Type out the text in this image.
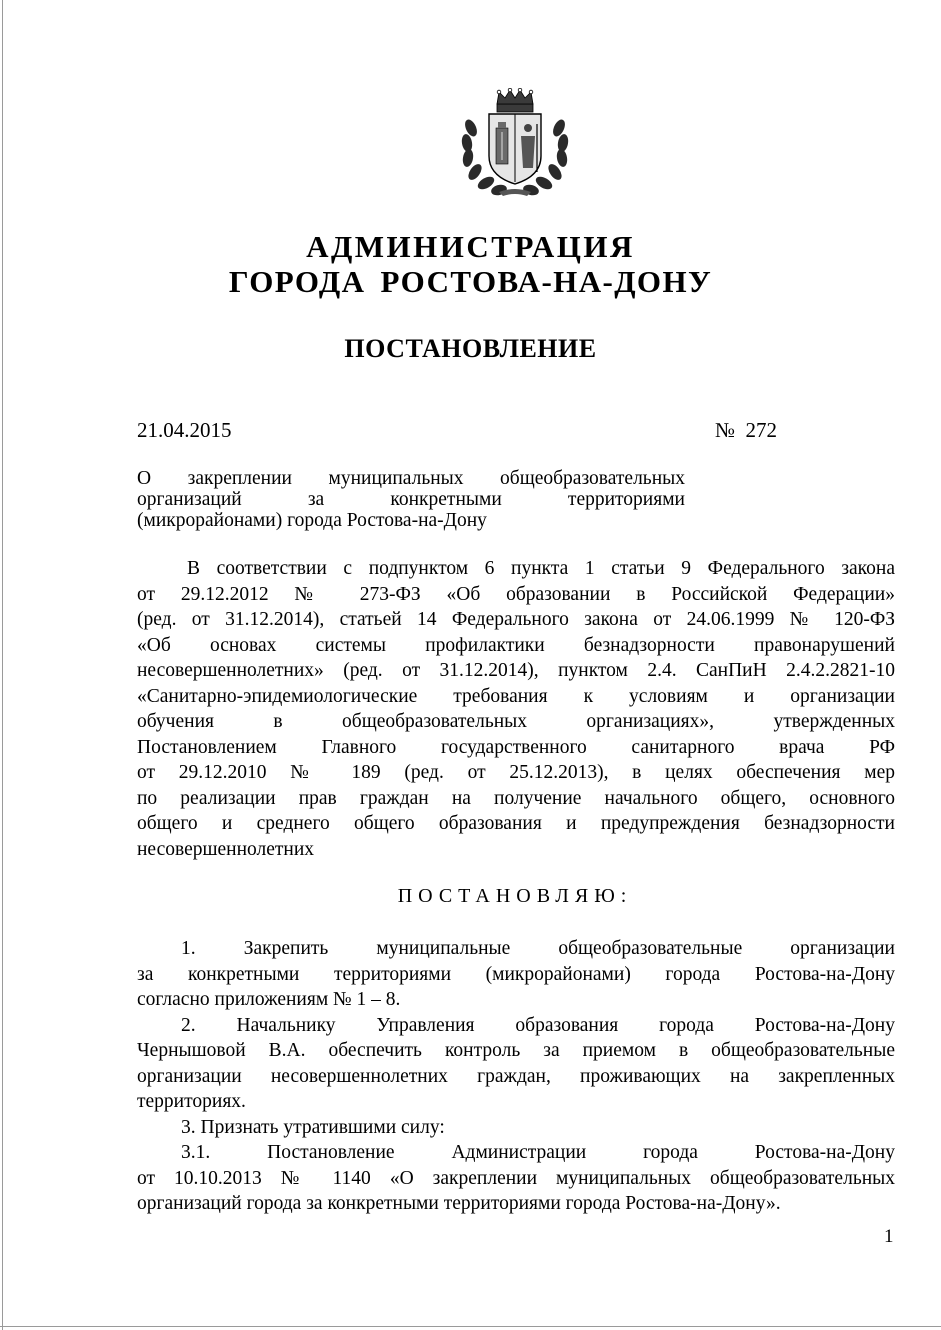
АДМИНИСТРАЦИЯ
ГОРОДА РОСТОВА-НА-ДОНУ
ПОСТАНОВЛЕНИЕ
21.04.2015	№  272
О закреплении муниципальных общеобразовательных
организаций за конкретными территориями
(микрорайонами) города Ростова-на-Дону
В соответствии с подпунктом 6 пункта 1 статьи 9 Федерального закона
от 29.12.2012 № 273-ФЗ «Об образовании в Российской Федерации»
(ред. от 31.12.2014), статьей 14 Федерального закона от 24.06.1999 № 120-ФЗ
«Об основах системы профилактики безнадзорности правонарушений
несовершеннолетних» (ред. от 31.12.2014), пунктом 2.4. СанПиН 2.4.2.2821-10
«Санитарно-эпидемиологические требования к условиям и организации
обучения в общеобразовательных организациях», утвержденных
Постановлением Главного государственного санитарного врача РФ
от 29.12.2010 № 189 (ред. от 25.12.2013), в целях обеспечения мер
по реализации прав граждан на получение начального общего, основного
общего и среднего общего образования и предупреждения безнадзорности
несовершеннолетних
ПОСТАНОВЛЯЮ:
1. Закрепить муниципальные общеобразовательные организации
за конкретными территориями (микрорайонами) города Ростова-на-Дону
согласно приложениям № 1 – 8.
2. Начальнику Управления образования города Ростова-на-Дону
Чернышовой В.А. обеспечить контроль за приемом в общеобразовательные
организации несовершеннолетних граждан, проживающих на закрепленных
территориях.
3. Признать утратившими силу:
3.1. Постановление Администрации города Ростова-на-Дону
от 10.10.2013 № 1140 «О закреплении муниципальных общеобразовательных
организаций города за конкретными территориями города Ростова-на-Дону».
1
